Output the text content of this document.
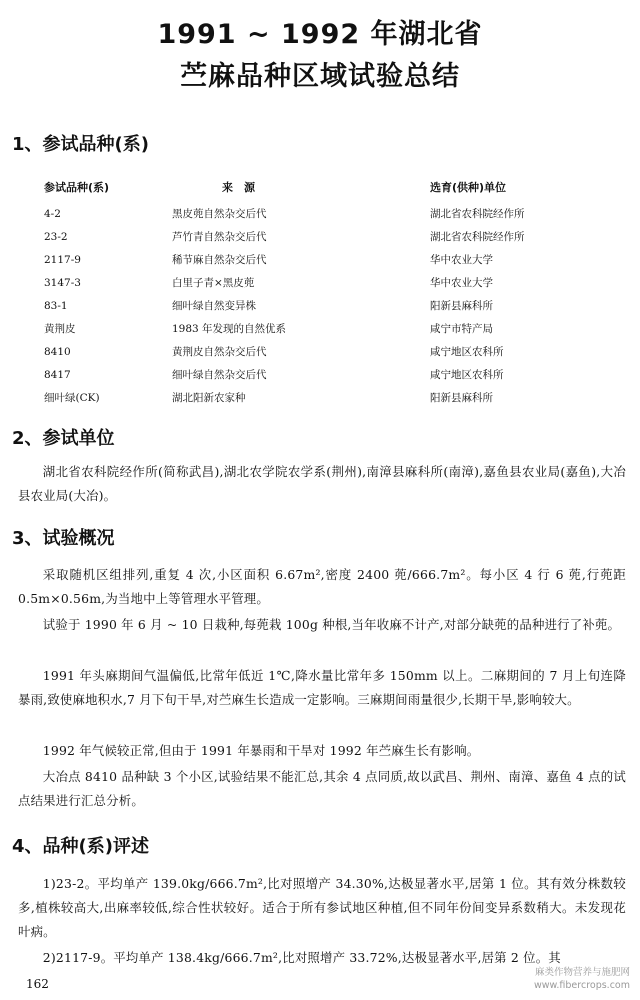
1991 ~ 1992 年湖北省
苎麻品种区域试验总结
1、参试品种(系)
参试品种(系)	来　源	选育(供种)单位
4-2	黑皮蔸自然杂交后代	湖北省农科院经作所
23-2	芦竹青自然杂交后代	湖北省农科院经作所
2117-9	稀节麻自然杂交后代	华中农业大学
3147-3	白里子青×黑皮蔸	华中农业大学
83-1	细叶绿自然变异株	阳新县麻科所
黄荆皮	1983 年发现的自然优系	咸宁市特产局
8410	黄荆皮自然杂交后代	咸宁地区农科所
8417	细叶绿自然杂交后代	咸宁地区农科所
细叶绿(CK)	湖北阳新农家种	阳新县麻科所
2、参试单位
湖北省农科院经作所(简称武昌),湖北农学院农学系(荆州),南漳县麻科所(南漳),嘉鱼县农业局(嘉鱼),大冶县农业局(大冶)。
3、试验概况
采取随机区组排列,重复 4 次,小区面积 6.67m²,密度 2400 蔸/666.7m²。每小区 4 行 6 蔸,行蔸距 0.5m×0.56m,为当地中上等管理水平管理。
试验于 1990 年 6 月 ~ 10 日栽种,每蔸栽 100g 种根,当年收麻不计产,对部分缺蔸的品种进行了补蔸。
1991 年头麻期间气温偏低,比常年低近 1℃,降水量比常年多 150mm 以上。二麻期间的 7 月上旬连降暴雨,致使麻地积水,7 月下旬干旱,对苎麻生长造成一定影响。三麻期间雨量很少,长期干旱,影响较大。
1992 年气候较正常,但由于 1991 年暴雨和干旱对 1992 年苎麻生长有影响。
大冶点 8410 品种缺 3 个小区,试验结果不能汇总,其余 4 点同质,故以武昌、荆州、南漳、嘉鱼 4 点的试点结果进行汇总分析。
4、品种(系)评述
1)23-2。平均单产 139.0kg/666.7m²,比对照增产 34.30%,达极显著水平,居第 1 位。其有效分株数较多,植株较高大,出麻率较低,综合性状较好。适合于所有参试地区种植,但不同年份间变异系数稍大。未发现花叶病。
2)2117-9。平均单产 138.4kg/666.7m²,比对照增产 33.72%,达极显著水平,居第 2 位。其
162
麻类作物营养与施肥网
www.fibercrops.com
